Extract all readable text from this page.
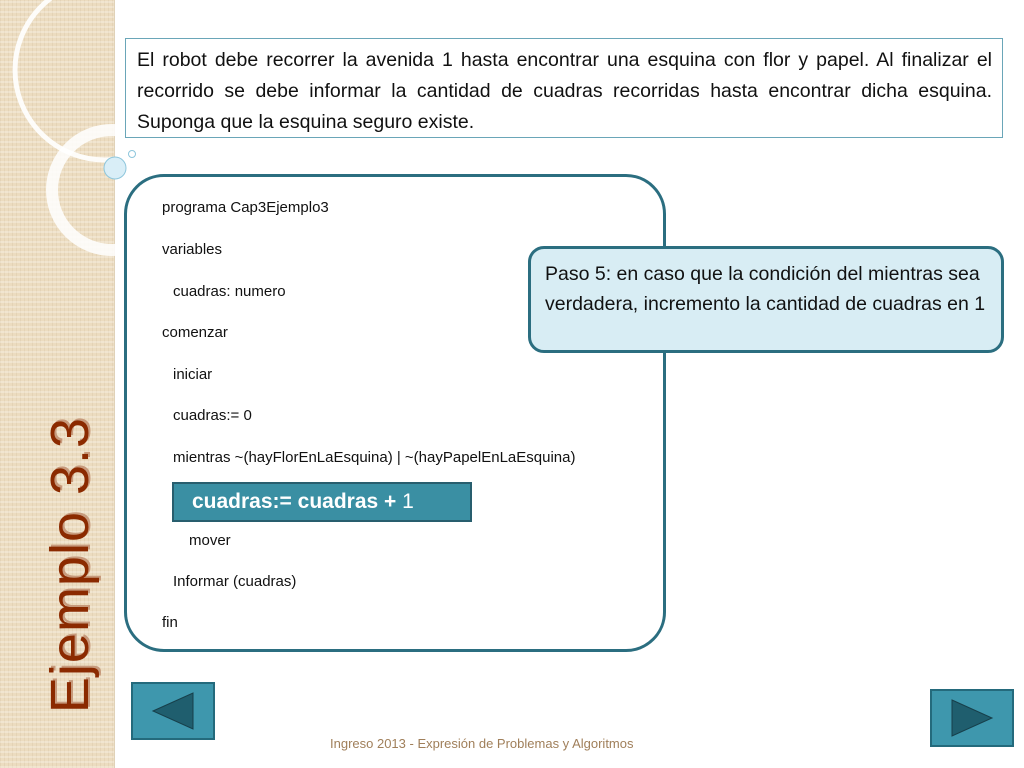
Ejemplo 3.3
El robot debe recorrer la avenida 1 hasta encontrar una esquina con flor y papel. Al finalizar el recorrido se debe informar la cantidad de cuadras recorridas hasta encontrar dicha esquina. Suponga que la esquina seguro existe.
programa Cap3Ejemplo3
variables
cuadras: numero
comenzar
iniciar
cuadras:= 0
mientras ~(hayFlorEnLaEsquina) | ~(hayPapelEnLaEsquina)
cuadras:= cuadras + 1
mover
Informar (cuadras)
fin
Paso 5: en caso que la condición del mientras sea verdadera, incremento la cantidad de cuadras en 1
Ingreso 2013 - Expresión de Problemas y Algoritmos
